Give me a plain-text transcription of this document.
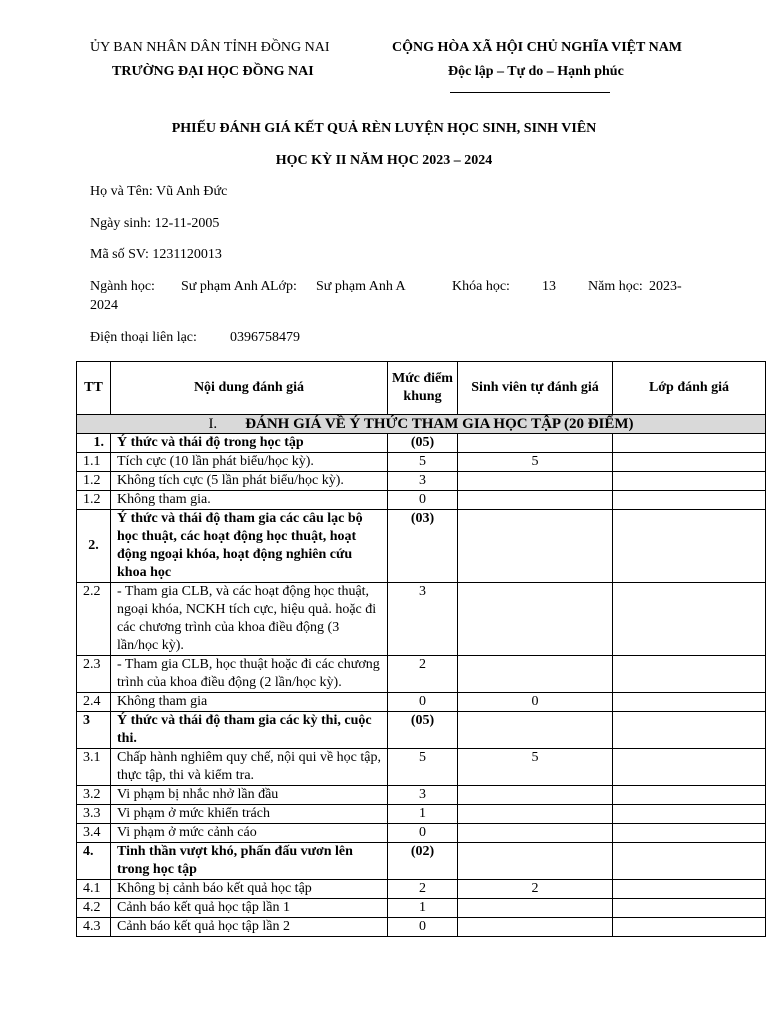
ỦY BAN NHÂN DÂN TỈNH ĐỒNG NAI
TRƯỜNG ĐẠI HỌC ĐỒNG NAI
CỘNG HÒA XÃ HỘI CHỦ NGHĨA VIỆT NAM
Độc lập – Tự do – Hạnh phúc
PHIẾU ĐÁNH GIÁ KẾT QUẢ RÈN LUYỆN HỌC SINH, SINH VIÊN
HỌC KỲ II NĂM HỌC 2023 – 2024
Họ và Tên: Vũ Anh Đức
Ngày sinh: 12-11-2005
Mã số SV: 1231120013
Ngành học: Sư phạm Anh A Lớp: Sư phạm Anh A	Khóa học: 13 Năm học: 2023-
2024
Điện thoại liên lạc: 0396758479
TT	Nội dung đánh giá	Mức điểm khung	Sinh viên tự đánh giá	Lớp đánh giá
I. ĐÁNH GIÁ VỀ Ý THỨC THAM GIA HỌC TẬP (20 ĐIỂM)				
1.	Ý thức và thái độ trong học tập	(05)		
1.1	Tích cực (10 lần phát biểu/học kỳ).	5	5	
1.2	Không tích cực (5 lần phát biểu/học kỳ).	3		
1.2	Không tham gia.	0		
2.	Ý thức và thái độ tham gia các câu lạc bộ học thuật, các hoạt động học thuật, hoạt động ngoại khóa, hoạt động nghiên cứu khoa học	(03)		
2.2	- Tham gia CLB, và các hoạt động học thuật, ngoại khóa, NCKH tích cực, hiệu quả. hoặc đi các chương trình của khoa điều động (3 lần/học kỳ).	3		
2.3	- Tham gia CLB, học thuật hoặc đi các chương trình của khoa điều động (2 lần/học kỳ).	2		
2.4	Không tham gia	0	0	
3	Ý thức và thái độ tham gia các kỳ thi, cuộc thi.	(05)		
3.1	Chấp hành nghiêm quy chế, nội qui về học tập, thực tập, thi và kiểm tra.	5	5	
3.2	Vi phạm bị nhắc nhở lần đầu	3		
3.3	Vi phạm ở mức khiển trách	1		
3.4	Vi phạm ở mức cảnh cáo	0		
4.	Tinh thần vượt khó, phấn đấu vươn lên trong học tập	(02)		
4.1	Không bị cảnh báo kết quả học tập	2	2	
4.2	Cảnh báo kết quả học tập lần 1	1		
4.3	Cảnh báo kết quả học tập lần 2	0		
